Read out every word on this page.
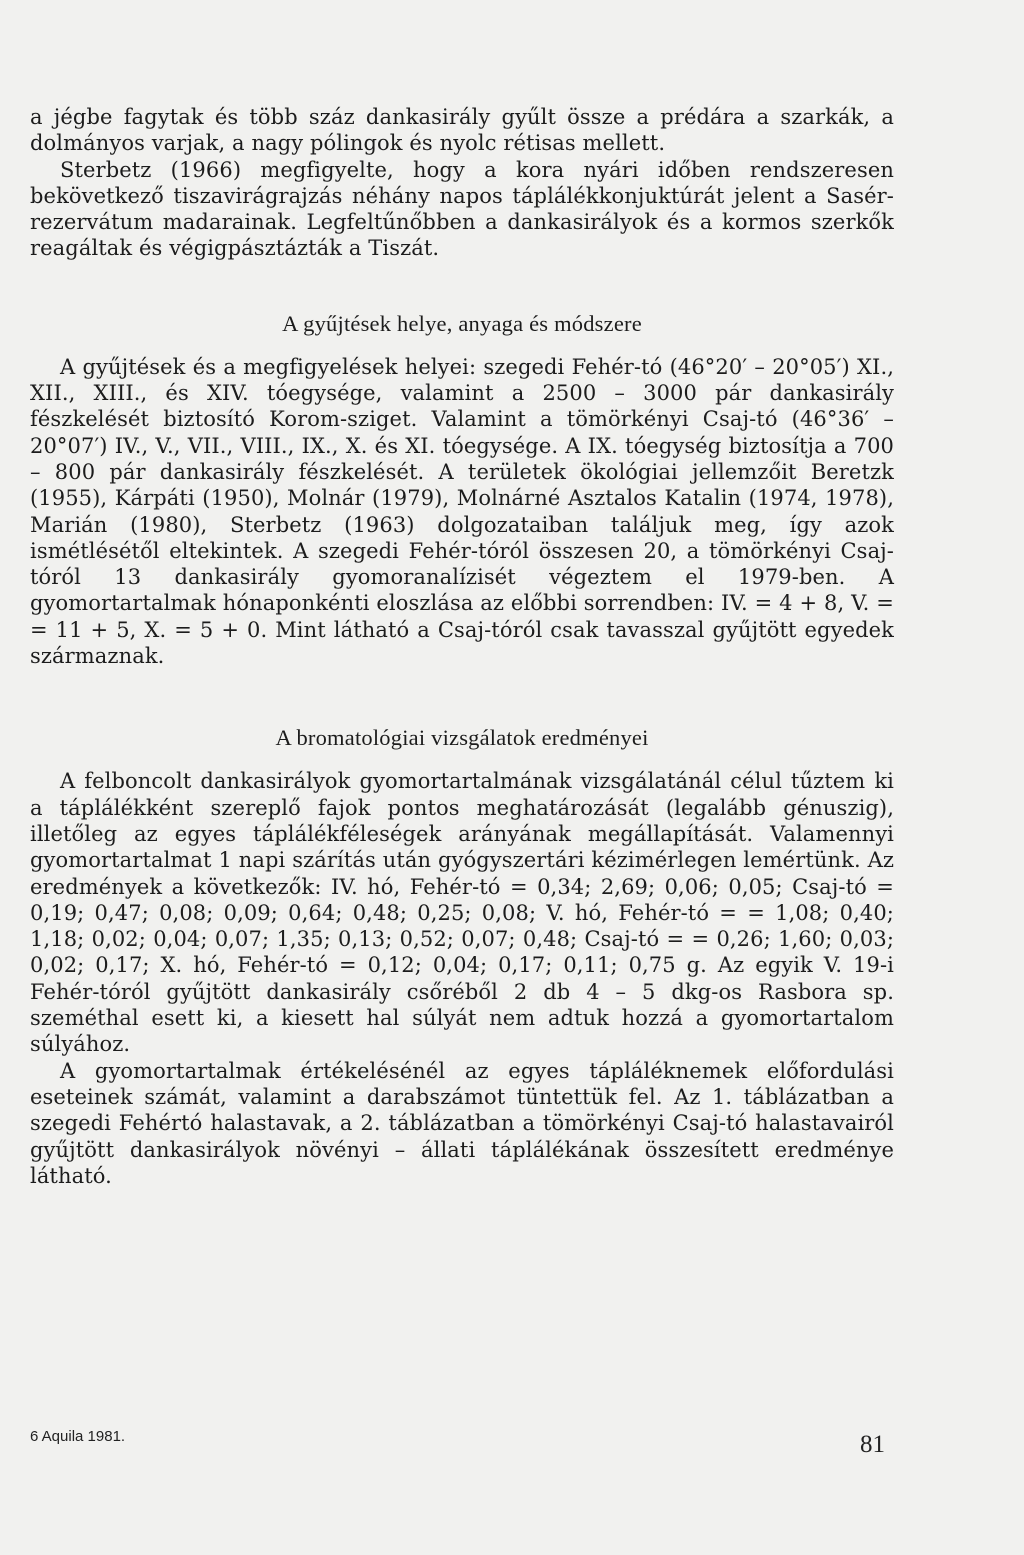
a jégbe fagytak és több száz dankasirály gyűlt össze a prédára a szarkák, a dolmányos varjak, a nagy pólingok és nyolc rétisas mellett.

Sterbetz (1966) megfigyelte, hogy a kora nyári időben rendszeresen bekövetkező tiszavirágrajzás néhány napos táplálékkonjuktúrát jelent a Sasér-rezervátum madarainak. Legfeltűnőbben a dankasirályok és a kormos szerkők reagáltak és végigpásztázták a Tiszát.

A gyűjtések helye, anyaga és módszere

A gyűjtések és a megfigyelések helyei: szegedi Fehér-tó (46°20′ – 20°05′) XI., XII., XIII., és XIV. tóegysége, valamint a 2500 – 3000 pár dankasirály fészkelését biztosító Korom-sziget. Valamint a tömörkényi Csaj-tó (46°36′ – 20°07′) IV., V., VII., VIII., IX., X. és XI. tóegysége. A IX. tóegység biztosítja a 700 – 800 pár dankasirály fészkelését. A területek ökológiai jellemzőit Beretzk (1955), Kárpáti (1950), Molnár (1979), Molnárné Asztalos Katalin (1974, 1978), Marián (1980), Sterbetz (1963) dolgozataiban találjuk meg, így azok ismétlésétől eltekintek. A szegedi Fehér-tóról összesen 20, a tömörkényi Csaj-tóról 13 dankasirály gyomoranalízisét végeztem el 1979-ben. A gyomortartalmak hónaponkénti eloszlása az előbbi sorrendben: IV. = 4 + 8, V. = = 11 + 5, X. = 5 + 0. Mint látható a Csaj-tóról csak tavasszal gyűjtött egyedek származnak.

A bromatológiai vizsgálatok eredményei

A felboncolt dankasirályok gyomortartalmának vizsgálatánál célul tűztem ki a táplálékként szereplő fajok pontos meghatározását (legalább génuszig), illetőleg az egyes táplálékféleségek arányának megállapítását. Valamennyi gyomortartalmat 1 napi szárítás után gyógyszertári kézimérlegen lemértünk. Az eredmények a következők: IV. hó, Fehér-tó = 0,34; 2,69; 0,06; 0,05; Csaj-tó = 0,19; 0,47; 0,08; 0,09; 0,64; 0,48; 0,25; 0,08; V. hó, Fehér-tó = = 1,08; 0,40; 1,18; 0,02; 0,04; 0,07; 1,35; 0,13; 0,52; 0,07; 0,48; Csaj-tó = = 0,26; 1,60; 0,03; 0,02; 0,17; X. hó, Fehér-tó = 0,12; 0,04; 0,17; 0,11; 0,75 g. Az egyik V. 19-i Fehér-tóról gyűjtött dankasirály csőréből 2 db 4 – 5 dkg-os Rasbora sp. szeméthal esett ki, a kiesett hal súlyát nem adtuk hozzá a gyomortartalom súlyához.

A gyomortartalmak értékelésénél az egyes tápláléknemek előfordulási eseteinek számát, valamint a darabszámot tüntettük fel. Az 1. táblázatban a szegedi Fehértó halastavak, a 2. táblázatban a tömörkényi Csaj-tó halastavairól gyűjtött dankasirályok növényi – állati táplálékának összesített eredménye látható.

6 Aquila 1981.	81
